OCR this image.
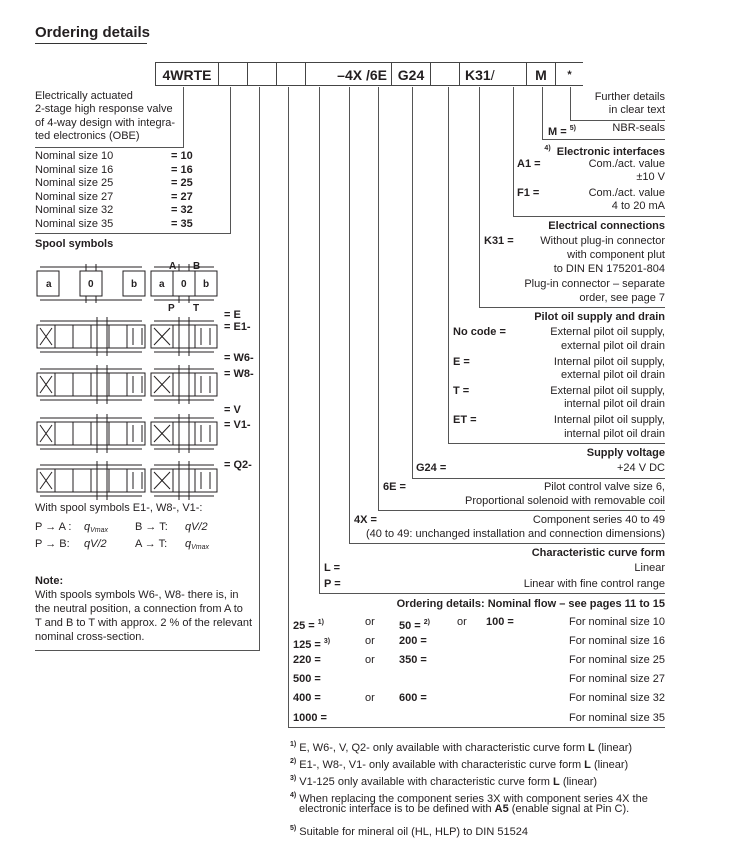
Ordering details
4WRTE	–4X /6E G24	K31/	M	*
Electrically actuated
2-stage high response valve
of 4-way design with integra-
ted electronics (OBE)
Nominal size 10	= 10
Nominal size 16	= 16
Nominal size 25	= 25
Nominal size 27	= 27
Nominal size 32	= 32
Nominal size 35	= 35
Spool symbols
a	0	b a 0 b
A B
P T
= E
= E1-
= W6-
= W8-
= V
= V1-
= Q2-
With spool symbols E1-, W8-, V1-:
P → A : $q_{Vmax}$ B → T: qV/2
P → B: qV/2	A → T: $q_{Vmax}$
Note:
With spools symbols W6-, W8- there is, in
the neutral position, a connection from A to
T and B to T with approx. 2 % of the relevant
nominal cross-section.
Further details
in clear text
M = $^{5)}$	NBR-seals
$^{4)}$ Electronic interfaces
A1 =	Com./act. value
±10 V
F1 =	Com./act. value
4 to 20 mA
Electrical connections
K31 = Without plug-in connector
with component plut
to DIN EN 175201-804
Plug-in connector – separate
order, see page 7
Pilot oil supply and drain
No code =	External pilot oil supply,
external pilot oil drain
E =	Internal pilot oil supply,
external pilot oil drain
T =	External pilot oil supply,
internal pilot oil drain
ET =	Internal pilot oil supply,
internal pilot oil drain
Supply voltage
G24 =	+24 V DC
6E =	Pilot control valve size 6,
Proportional solenoid with removable coil
4X =	Component series 40 to 49
(40 to 49: unchanged installation and connection dimensions)
Characteristic curve form
L =	Linear
P =	Linear with fine control range
Ordering details: Nominal flow – see pages 11 to 15
25 = $^{1)}$	or 50 = $^{2)}$ or 100 =	For nominal size 10
125 = $^{3)}$	or 200 =	For nominal size 16
220 =	or 350 =	For nominal size 25
500 =	For nominal size 27
400 =	or 600 =	For nominal size 32
1000 =	For nominal size 35
$^{1)}$ E, W6-, V, Q2- only available with characteristic curve form L (linear)
$^{2)}$ E1-, W8-, V1- only available with characteristic curve form L (linear)
$^{3)}$ V1-125 only available with characteristic curve form L (linear)
$^{4)}$ When replacing the component series 3X with component series 4X the
electronic interface is to be defined with A5 (enable signal at Pin C).
$^{5)}$ Suitable for mineral oil (HL, HLP) to DIN 51524
